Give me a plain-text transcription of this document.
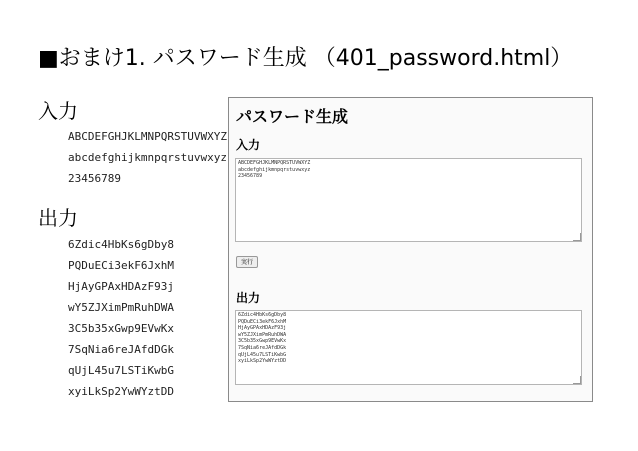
■おまけ1. パスワード生成 （401_password.html）
入力
ABCDEFGHJKLMNPQRSTUVWXYZ
abcdefghijkmnpqrstuvwxyz
23456789
出力
6Zdic4HbKs6gDby8
PQDuECi3ekF6JxhM
HjAyGPAxHDAzF93j
wY5ZJXimPmRuhDWA
3C5b35xGwp9EVwKx
7SqNia6reJAfdDGk
qUjL45u7LSTiKwbG
xyiLkSp2YwWYztDD
パスワード生成
入力
ABCDEFGHJKLMNPQRSTUVWXYZ abcdefghijkmnpqrstuvwxyz 23456789
実行
出力
6Zdic4HbKs6gDby8 PQDuECi3ekF6JxhM HjAyGPAxHDAzF93j wY5ZJXimPmRuhDWA 3C5b35xGwp9EVwKx 7SqNia6reJAfdDGk qUjL45u7LSTiKwbG xyiLkSp2YwWYztDD
